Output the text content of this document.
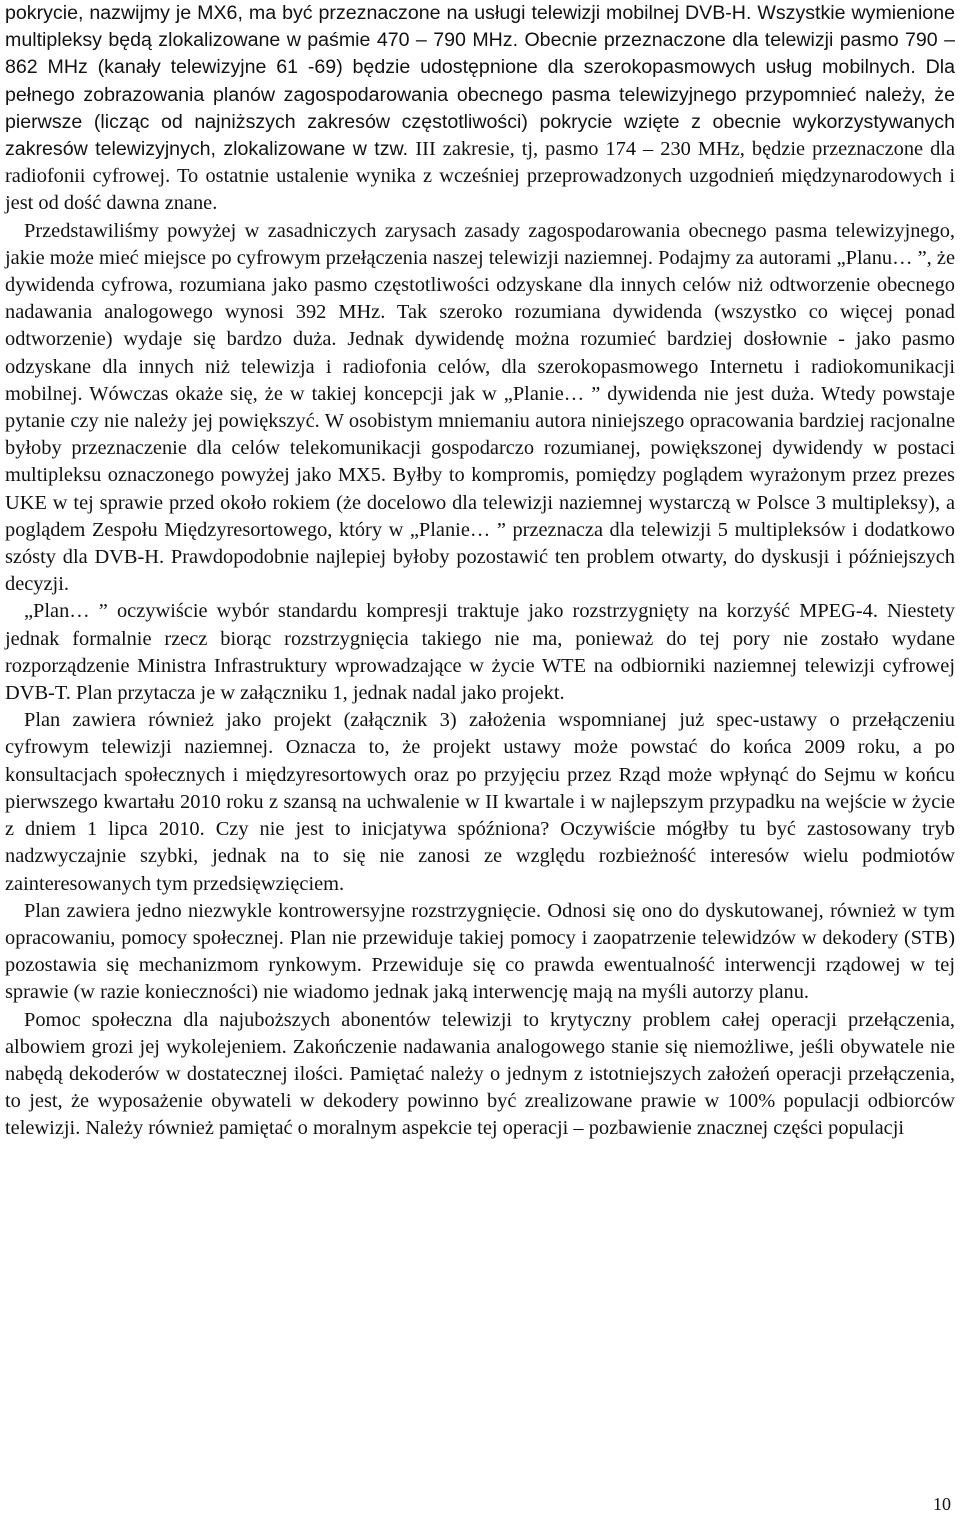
pokrycie, nazwijmy je MX6, ma być przeznaczone na usługi telewizji mobilnej DVB-H. Wszystkie wymienione multipleksy będą zlokalizowane w paśmie 470 – 790 MHz. Obecnie przeznaczone dla telewizji pasmo 790 – 862 MHz (kanały telewizyjne 61 -69) będzie udostępnione dla szerokopasmowych usług mobilnych. Dla pełnego zobrazowania planów zagospodarowania obecnego pasma telewizyjnego przypomnieć należy, że pierwsze (licząc od najniższych zakresów częstotliwości) pokrycie wzięte z obecnie wykorzystywanych zakresów telewizyjnych, zlokalizowane w tzw. III zakresie, tj, pasmo 174 – 230 MHz, będzie przeznaczone dla radiofonii cyfrowej. To ostatnie ustalenie wynika z wcześniej przeprowadzonych uzgodnień międzynarodowych i jest od dość dawna znane.

Przedstawiliśmy powyżej w zasadniczych zarysach zasady zagospodarowania obecnego pasma telewizyjnego, jakie może mieć miejsce po cyfrowym przełączenia naszej telewizji naziemnej. Podajmy za autorami „Planu… ”, że dywidenda cyfrowa, rozumiana jako pasmo częstotliwości odzyskane dla innych celów niż odtworzenie obecnego nadawania analogowego wynosi 392 MHz. Tak szeroko rozumiana dywidenda (wszystko co więcej ponad odtworzenie) wydaje się bardzo duża. Jednak dywidendę można rozumieć bardziej dosłownie - jako pasmo odzyskane dla innych niż telewizja i radiofonia celów, dla szerokopasmowego Internetu i radiokomunikacji mobilnej. Wówczas okaże się, że w takiej koncepcji jak w „Planie… ” dywidenda nie jest duża. Wtedy powstaje pytanie czy nie należy jej powiększyć. W osobistym mniemaniu autora niniejszego opracowania bardziej racjonalne byłoby przeznaczenie dla celów telekomunikacji gospodarczo rozumianej, powiększonej dywidendy w postaci multipleksu oznaczonego powyżej jako MX5. Byłby to kompromis, pomiędzy poglądem wyrażonym przez prezes UKE w tej sprawie przed około rokiem (że docelowo dla telewizji naziemnej wystarczą w Polsce 3 multipleksy), a poglądem Zespołu Międzyresortowego, który w „Planie… ” przeznacza dla telewizji 5 multipleksów i dodatkowo szósty dla DVB-H. Prawdopodobnie najlepiej byłoby pozostawić ten problem otwarty, do dyskusji i późniejszych decyzji.

„Plan… ” oczywiście wybór standardu kompresji traktuje jako rozstrzygnięty na korzyść MPEG-4. Niestety jednak formalnie rzecz biorąc rozstrzygnięcia takiego nie ma, ponieważ do tej pory nie zostało wydane rozporządzenie Ministra Infrastruktury wprowadzające w życie WTE na odbiorniki naziemnej telewizji cyfrowej DVB-T. Plan przytacza je w załączniku 1, jednak nadal jako projekt.

Plan zawiera również jako projekt (załącznik 3) założenia wspomnianej już spec-ustawy o przełączeniu cyfrowym telewizji naziemnej. Oznacza to, że projekt ustawy może powstać do końca 2009 roku, a po konsultacjach społecznych i międzyresortowych oraz po przyjęciu przez Rząd może wpłynąć do Sejmu w końcu pierwszego kwartału 2010 roku z szansą na uchwalenie w II kwartale i w najlepszym przypadku na wejście w życie z dniem 1 lipca 2010. Czy nie jest to inicjatywa spóźniona? Oczywiście mógłby tu być zastosowany tryb nadzwyczajnie szybki, jednak na to się nie zanosi ze względu rozbieżność interesów wielu podmiotów zainteresowanych tym przedsięwzięciem.

Plan zawiera jedno niezwykle kontrowersyjne rozstrzygnięcie. Odnosi się ono do dyskutowanej, również w tym opracowaniu, pomocy społecznej. Plan nie przewiduje takiej pomocy i zaopatrzenie telewidzów w dekodery (STB) pozostawia się mechanizmom rynkowym. Przewiduje się co prawda ewentualność interwencji rządowej w tej sprawie (w razie konieczności) nie wiadomo jednak jaką interwencję mają na myśli autorzy planu.

Pomoc społeczna dla najuboższych abonentów telewizji to krytyczny problem całej operacji przełączenia, albowiem grozi jej wykolejeniem. Zakończenie nadawania analogowego stanie się niemożliwe, jeśli obywatele nie nabędą dekoderów w dostatecznej ilości. Pamiętać należy o jednym z istotniejszych założeń operacji przełączenia, to jest, że wyposażenie obywateli w dekodery powinno być zrealizowane prawie w 100% populacji odbiorców telewizji. Należy również pamiętać o moralnym aspekcie tej operacji – pozbawienie znacznej części populacji

10
